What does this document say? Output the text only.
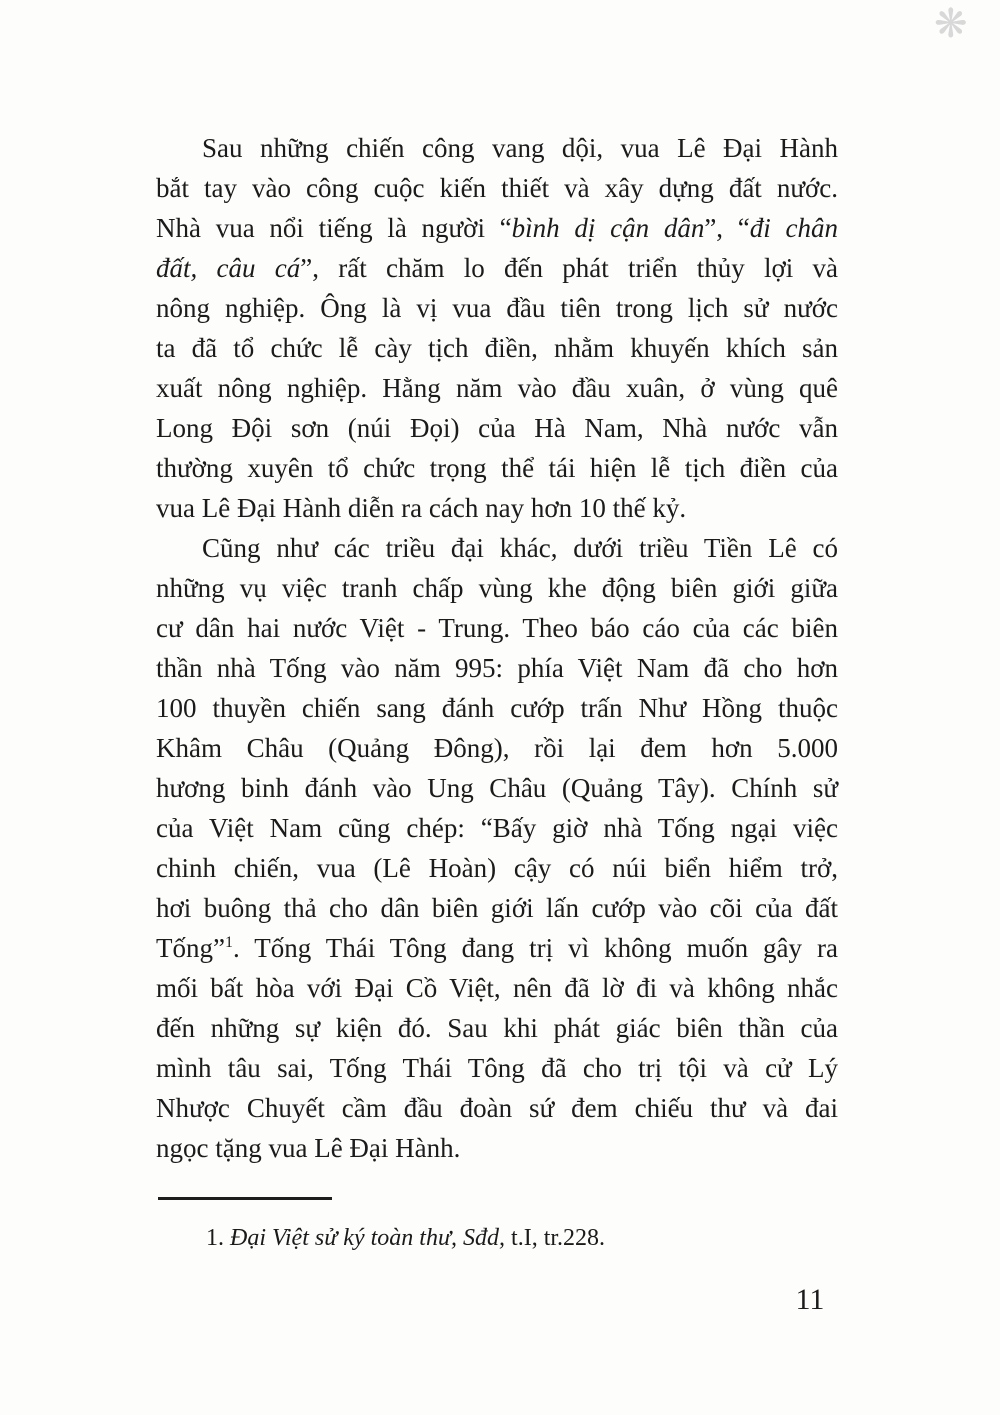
❋
Sau những chiến công vang dội, vua Lê Đại Hành
bắt tay vào công cuộc kiến thiết và xây dựng đất nước.
Nhà vua nổi tiếng là người “bình dị cận dân”, “đi chân
đất, câu cá”, rất chăm lo đến phát triển thủy lợi và
nông nghiệp. Ông là vị vua đầu tiên trong lịch sử nước
ta đã tổ chức lễ cày tịch điền, nhằm khuyến khích sản
xuất nông nghiệp. Hằng năm vào đầu xuân, ở vùng quê
Long Đội sơn (núi Đọi) của Hà Nam, Nhà nước vẫn
thường xuyên tổ chức trọng thể tái hiện lễ tịch điền của
vua Lê Đại Hành diễn ra cách nay hơn 10 thế kỷ.
Cũng như các triều đại khác, dưới triều Tiền Lê có
những vụ việc tranh chấp vùng khe động biên giới giữa
cư dân hai nước Việt - Trung. Theo báo cáo của các biên
thần nhà Tống vào năm 995: phía Việt Nam đã cho hơn
100 thuyền chiến sang đánh cướp trấn Như Hồng thuộc
Khâm Châu (Quảng Đông), rồi lại đem hơn 5.000
hương binh đánh vào Ung Châu (Quảng Tây). Chính sử
của Việt Nam cũng chép: “Bấy giờ nhà Tống ngại việc
chinh chiến, vua (Lê Hoàn) cậy có núi biển hiểm trở,
hơi buông thả cho dân biên giới lấn cướp vào cõi của đất
Tống”$^1$. Tống Thái Tông đang trị vì không muốn gây ra
mối bất hòa với Đại Cồ Việt, nên đã lờ đi và không nhắc
đến những sự kiện đó. Sau khi phát giác biên thần của
mình tâu sai, Tống Thái Tông đã cho trị tội và cử Lý
Nhược Chuyết cầm đầu đoàn sứ đem chiếu thư và đai
ngọc tặng vua Lê Đại Hành.
1. Đại Việt sử ký toàn thư, Sđd, t.I, tr.228.
11
